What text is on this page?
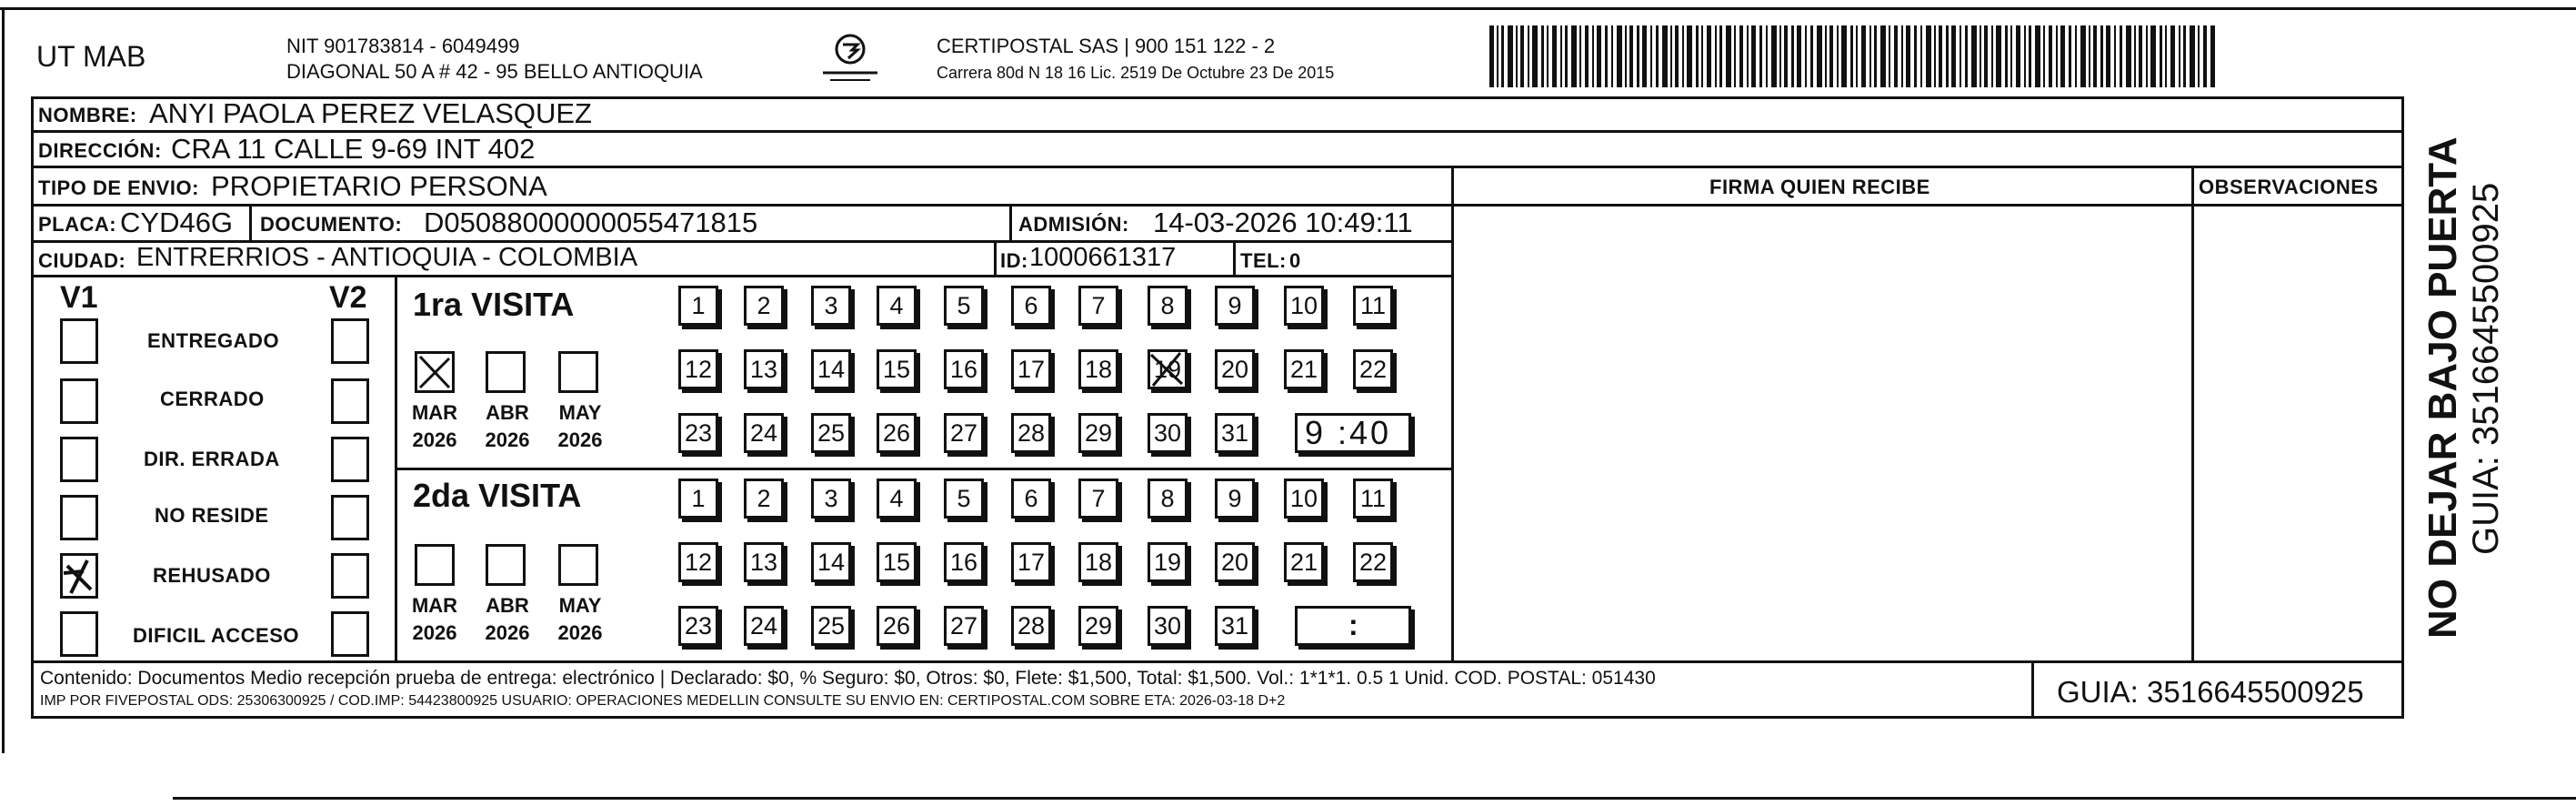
UT MAB	NIT 901783814 - 6049499
DIAGONAL 50 A # 42 - 95 BELLO ANTIOQUIA
CERTIPOSTAL SAS | 900 151 122 - 2
Carrera 80d N 18 16 Lic. 2519 De Octubre 23 De 2015
NOMBRE: ANYI PAOLA PEREZ VELASQUEZ
DIRECCIÓN: CRA 11 CALLE 9-69 INT 402
TIPO DE ENVIO: PROPIETARIO PERSONA
PLACA: CYD46G DOCUMENTO: D05088000000055471815	ADMISIÓN: 14-03-2026 10:49:11
CIUDAD: ENTRERRIOS - ANTIOQUIA - COLOMBIA	ID: 1000661317	TEL: 0
FIRMA QUIEN RECIBE	OBSERVACIONES
V1	V2
ENTREGADO
CERRADO
DIR. ERRADA
NO RESIDE
REHUSADO
DIFICIL ACCESO
1ra VISITA
MAR ABR MAY
2026 2026 2026
1	2	3	4	5	6	7	8	9	10 11
12 13 14 15 16 17 18 19 20 21 22
23 24 25 26 27 28 29 30 31 9 :40
2da VISITA
MAR ABR MAY
2026 2026 2026
1	2	3	4	5	6	7	8	9	10 11
12 13 14 15 16 17 18 19 20 21 22
23 24 25 26 27 28 29 30 31	:
Contenido: Documentos Medio recepción prueba de entrega: electrónico | Declarado: $0, % Seguro: $0, Otros: $0, Flete: $1,500, Total: $1,500. Vol.: 1*1*1. 0.5 1 Unid. COD. POSTAL: 051430
IMP POR FIVEPOSTAL ODS: 25306300925 / COD.IMP: 54423800925 USUARIO: OPERACIONES MEDELLIN CONSULTE SU ENVIO EN: CERTIPOSTAL.COM SOBRE ETA: 2026-03-18 D+2	GUIA: 3516645500925
NO DEJAR BAJO PUERTA GUIA: 3516645500925
